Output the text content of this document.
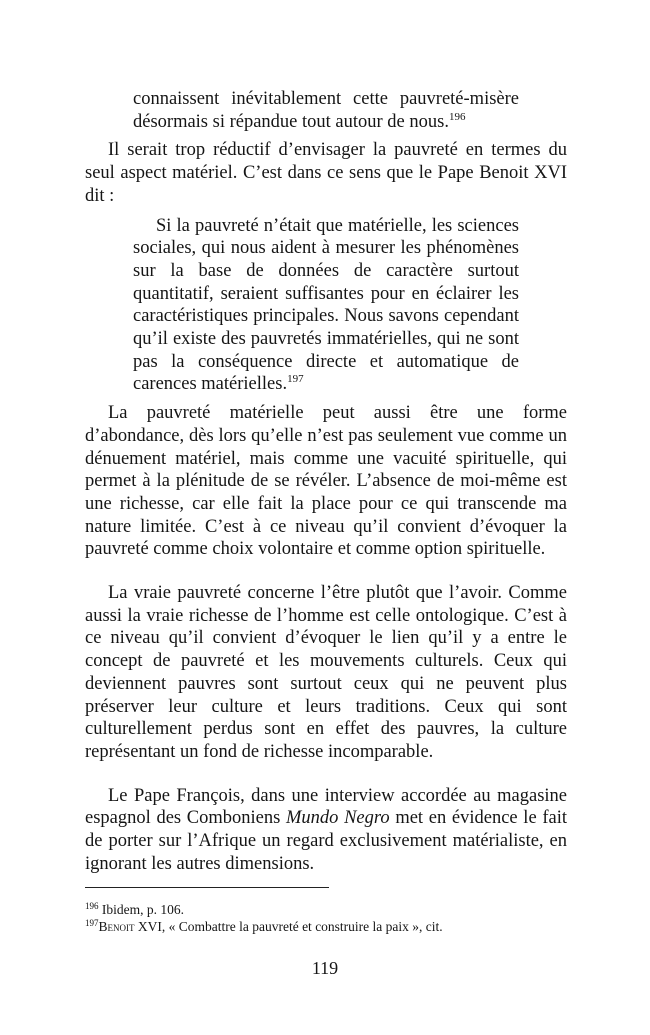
connaissent inévitablement cette pauvreté-misère désormais si répandue tout autour de nous.$^{196}$

Il serait trop réductif d’envisager la pauvreté en termes du seul aspect matériel. C’est dans ce sens que le Pape Benoit XVI dit :

Si la pauvreté n’était que matérielle, les sciences sociales, qui nous aident à mesurer les phénomènes sur la base de données de caractère surtout quantitatif, seraient suffisantes pour en éclairer les caractéristiques principales. Nous savons cependant qu’il existe des pauvretés immatérielles, qui ne sont pas la conséquence directe et automatique de carences matérielles.$^{197}$

La pauvreté matérielle peut aussi être une forme d’abondance, dès lors qu’elle n’est pas seulement vue comme un dénuement matériel, mais comme une vacuité spirituelle, qui permet à la plénitude de se révéler. L’absence de moi-même est une richesse, car elle fait la place pour ce qui transcende ma nature limitée. C’est à ce niveau qu’il convient d’évoquer la pauvreté comme choix volontaire et comme option spirituelle.

La vraie pauvreté concerne l’être plutôt que l’avoir. Comme aussi la vraie richesse de l’homme est celle ontologique. C’est à ce niveau qu’il convient d’évoquer le lien qu’il y a entre le concept de pauvreté et les mouvements culturels. Ceux qui deviennent pauvres sont surtout ceux qui ne peuvent plus préserver leur culture et leurs traditions. Ceux qui sont culturellement perdus sont en effet des pauvres, la culture représentant un fond de richesse incomparable.

Le Pape François, dans une interview accordée au magasine espagnol des Comboniens Mundo Negro met en évidence le fait de porter sur l’Afrique un regard exclusivement matérialiste, en ignorant les autres dimensions.

$^{196}$ Ibidem, p. 106.
$^{197}$Benoit XVI, « Combattre la pauvreté et construire la paix », cit.
119
